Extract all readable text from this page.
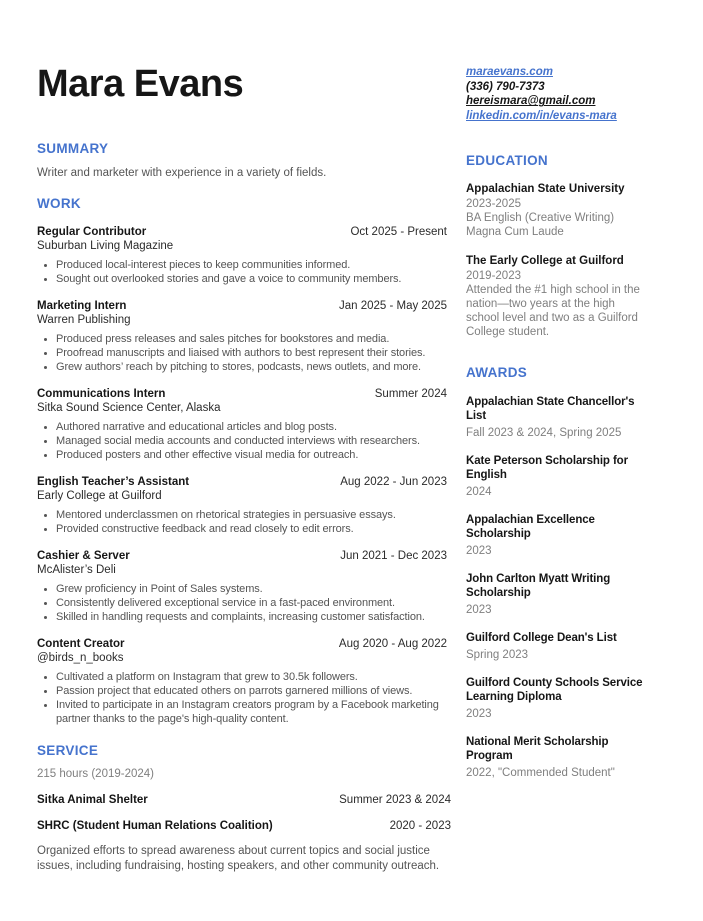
Mara Evans
SUMMARY

Writer and marketer with experience in a variety of fields.

WORK
Regular Contributor	Oct 2025 - Present
Suburban Living Magazine
• Produced local-interest pieces to keep communities informed.
• Sought out overlooked stories and gave a voice to community members.
Marketing Intern	Jan 2025 - May 2025
Warren Publishing
• Produced press releases and sales pitches for bookstores and media.
• Proofread manuscripts and liaised with authors to best represent their stories.
• Grew authors’ reach by pitching to stores, podcasts, news outlets, and more.
Communications Intern	Summer 2024
Sitka Sound Science Center, Alaska
• Authored narrative and educational articles and blog posts.
• Managed social media accounts and conducted interviews with researchers.
• Produced posters and other effective visual media for outreach.
English Teacher’s Assistant	Aug 2022 - Jun 2023
Early College at Guilford
• Mentored underclassmen on rhetorical strategies in persuasive essays.
• Provided constructive feedback and read closely to edit errors.
Cashier & Server	Jun 2021 - Dec 2023
McAlister’s Deli
• Grew proficiency in Point of Sales systems.
• Consistently delivered exceptional service in a fast-paced environment.
• Skilled in handling requests and complaints, increasing customer satisfaction.
Content Creator	Aug 2020 - Aug 2022
@birds_n_books
• Cultivated a platform on Instagram that grew to 30.5k followers.
• Passion project that educated others on parrots garnered millions of views.
• Invited to participate in an Instagram creators program by a Facebook marketing partner thanks to the page's high-quality content.
SERVICE
215 hours (2019-2024)
Sitka Animal Shelter	Summer 2023 & 2024
SHRC (Student Human Relations Coalition)	2020 - 2023

Organized efforts to spread awareness about current topics and social justice issues, including fundraising, hosting speakers, and other community outreach.

maraevans.com
(336) 790-7373
hereismara@gmail.com
linkedin.com/in/evans-mara
EDUCATION
Appalachian State University
2023-2025
BA English (Creative Writing)
Magna Cum Laude
The Early College at Guilford
2019-2023
Attended the #1 high school in the nation—two years at the high school level and two as a Guilford College student.
AWARDS
Appalachian State Chancellor's List
Fall 2023 & 2024, Spring 2025
Kate Peterson Scholarship for English
2024
Appalachian Excellence Scholarship
2023
John Carlton Myatt Writing Scholarship
2023
Guilford College Dean's List
Spring 2023
Guilford County Schools Service Learning Diploma
2023
National Merit Scholarship Program
2022, "Commended Student"
